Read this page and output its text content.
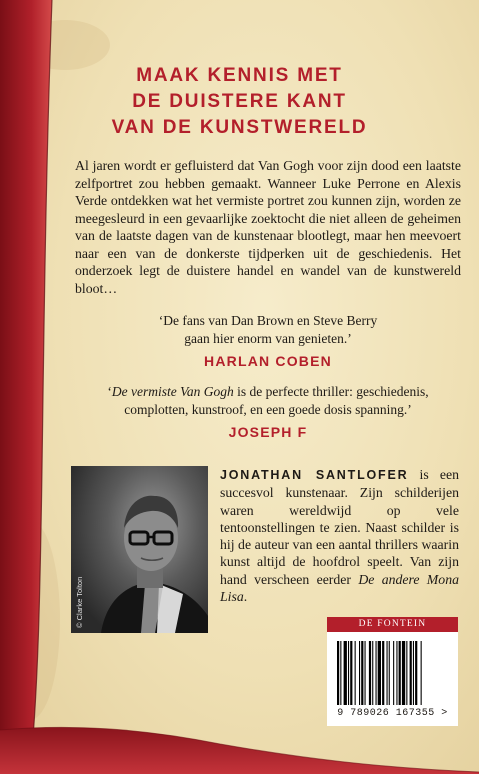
MAAK KENNIS MET
DE DUISTERE KANT
VAN DE KUNSTWERELD

Al jaren wordt er gefluisterd dat Van Gogh voor zijn dood een laatste zelfportret zou hebben gemaakt. Wanneer Luke Perrone en Alexis Verde ontdekken wat het vermiste portret zou kunnen zijn, worden ze meegesleurd in een gevaarlijke zoektocht die niet alleen de geheimen van de laatste dagen van de kunstenaar blootlegt, maar hen meevoert naar een van de donkerste tijdperken uit de geschiedenis. Het onderzoek legt de duistere handel en wandel van de kunstwereld bloot…

‘De fans van Dan Brown en Steve Berry
gaan hier enorm van genieten.’
HARLAN COBEN
‘De vermiste Van Gogh is de perfecte thriller: geschiedenis,
complotten, kunstroof, en een goede dosis spanning.’
JOSEPH F
© Clarke Tolton

JONATHAN SANTLOFER is een succesvol kunstenaar. Zijn schilderijen waren wereldwijd op vele tentoonstellingen te zien. Naast schilder is hij de auteur van een aantal thrillers waarin kunst altijd de hoofdrol speelt. Van zijn hand verscheen eerder De andere Mona Lisa.

DE FONTEIN
9 789026 167355 >
